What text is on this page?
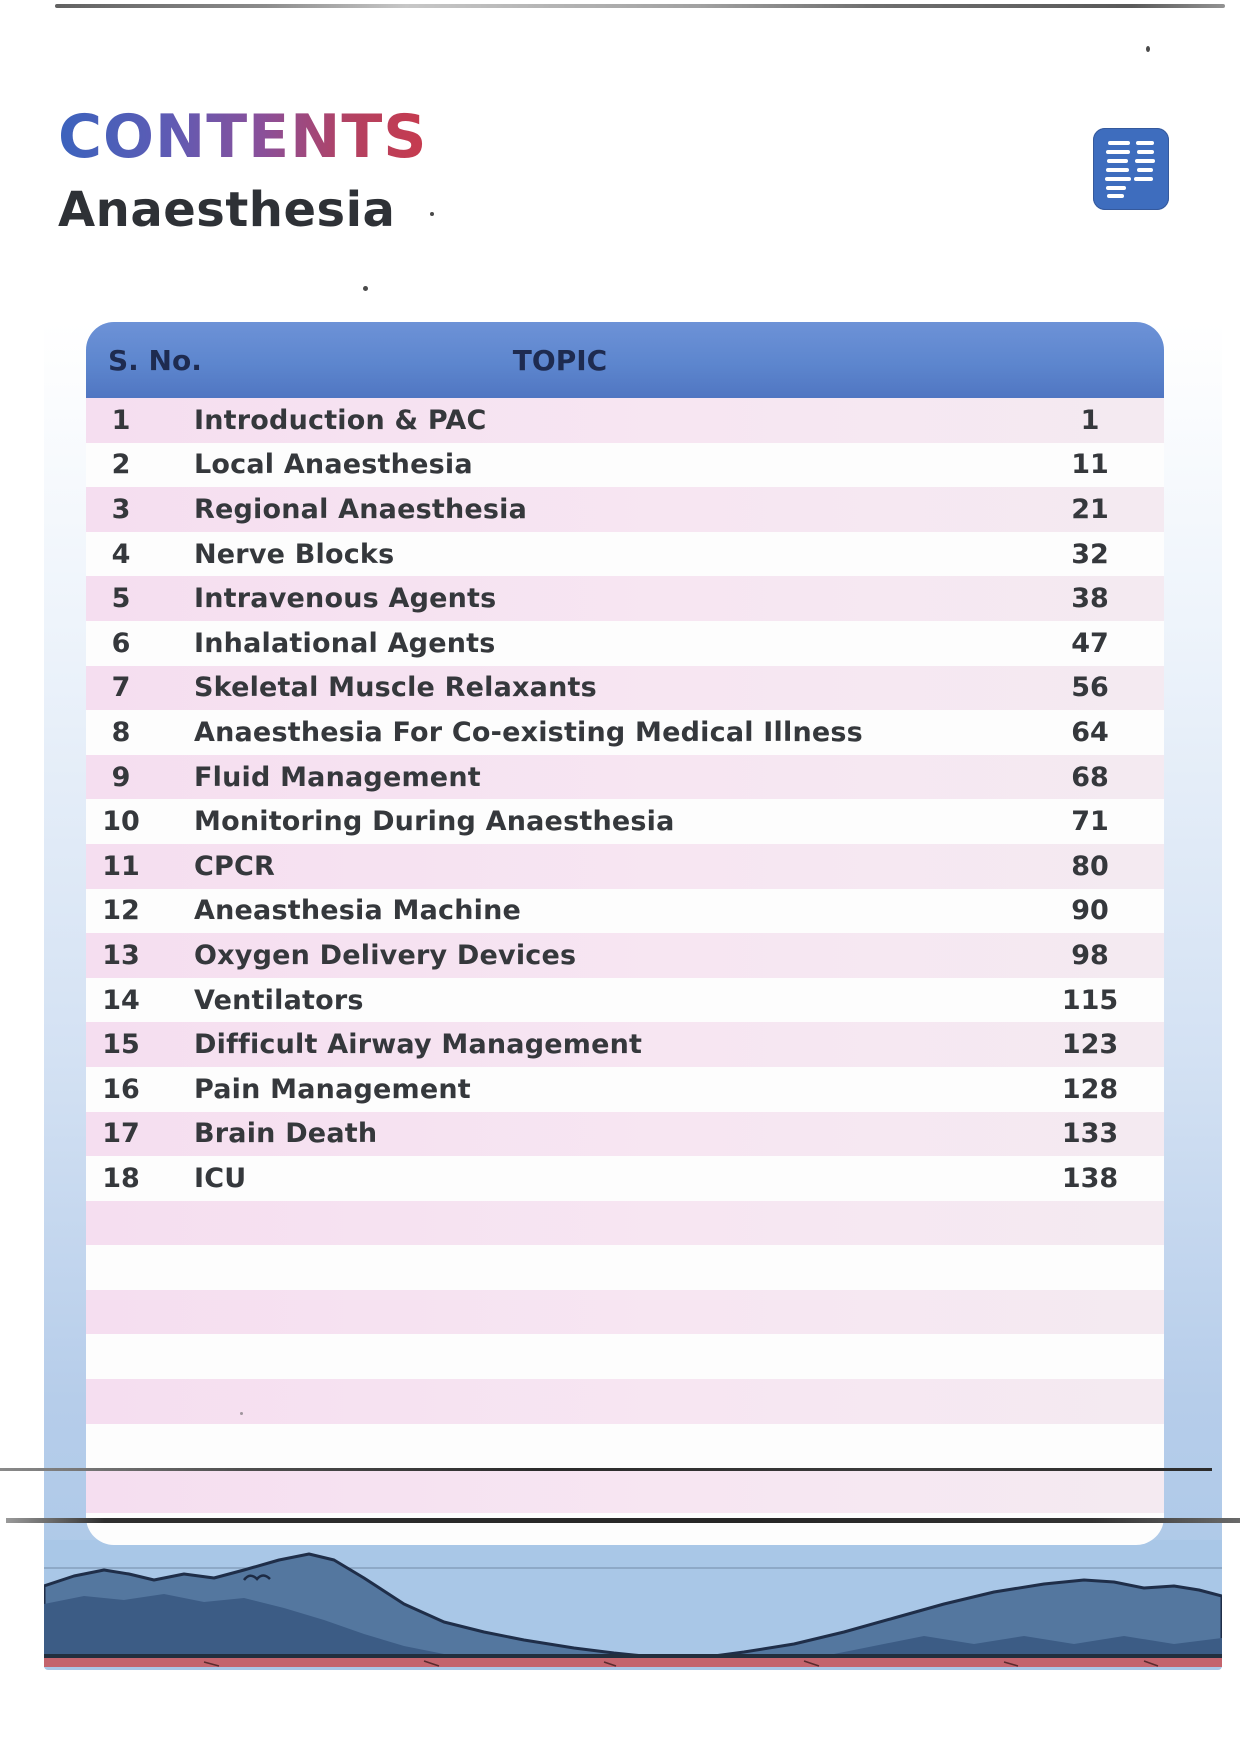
CONTENTS
Anaesthesia
S. No.	TOPIC
1	Introduction & PAC	1
2	Local Anaesthesia	11
3	Regional Anaesthesia	21
4	Nerve Blocks	32
5	Intravenous Agents	38
6	Inhalational Agents	47
7	Skeletal Muscle Relaxants	56
8	Anaesthesia For Co-existing Medical Illness	64
9	Fluid Management	68
10	Monitoring During Anaesthesia	71
11	CPCR	80
12	Aneasthesia Machine	90
13	Oxygen Delivery Devices	98
14	Ventilators	115
15	Difficult Airway Management	123
16	Pain Management	128
17	Brain Death	133
18	ICU	138
